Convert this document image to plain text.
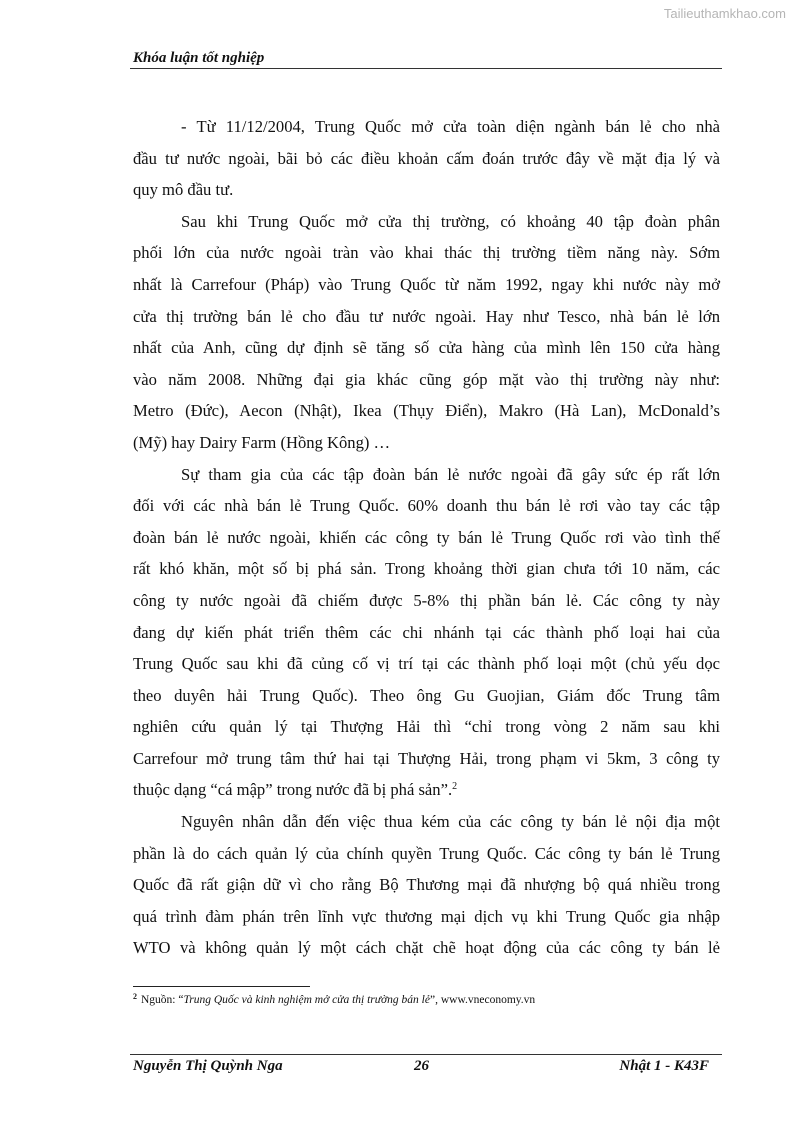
Tailieuthamkhao.com
Khóa luận tốt nghiệp
- Từ 11/12/2004, Trung Quốc mở cửa toàn diện ngành bán lẻ cho nhà
đầu tư nước ngoài, bãi bỏ các điều khoản cấm đoán trước đây về mặt địa lý và
quy mô đầu tư.
Sau khi Trung Quốc mở cửa thị trường, có khoảng 40 tập đoàn phân
phối lớn của nước ngoài tràn vào khai thác thị trường tiềm năng này. Sớm
nhất là Carrefour (Pháp) vào Trung Quốc từ năm 1992, ngay khi nước này mở
cửa thị trường bán lẻ cho đầu tư nước ngoài. Hay như Tesco, nhà bán lẻ lớn
nhất của Anh, cũng dự định sẽ tăng số cửa hàng của mình lên 150 cửa hàng
vào năm 2008. Những đại gia khác cũng góp mặt vào thị trường này như:
Metro (Đức), Aecon (Nhật), Ikea (Thụy Điển), Makro (Hà Lan), McDonald’s
(Mỹ) hay Dairy Farm (Hồng Kông) …
Sự tham gia của các tập đoàn bán lẻ nước ngoài đã gây sức ép rất lớn
đối với các nhà bán lẻ Trung Quốc. 60% doanh thu bán lẻ rơi vào tay các tập
đoàn bán lẻ nước ngoài, khiến các công ty bán lẻ Trung Quốc rơi vào tình thế
rất khó khăn, một số bị phá sản. Trong khoảng thời gian chưa tới 10 năm, các
công ty nước ngoài đã chiếm được 5-8% thị phần bán lẻ. Các công ty này
đang dự kiến phát triển thêm các chi nhánh tại các thành phố loại hai của
Trung Quốc sau khi đã củng cố vị trí tại các thành phố loại một (chủ yếu dọc
theo duyên hải Trung Quốc). Theo ông Gu Guojian, Giám đốc Trung tâm
nghiên cứu quản lý tại Thượng Hải thì “chỉ trong vòng 2 năm sau khi
Carrefour mở trung tâm thứ hai tại Thượng Hải, trong phạm vi 5km, 3 công ty
thuộc dạng “cá mập” trong nước đã bị phá sản”.$^2$
Nguyên nhân dẫn đến việc thua kém của các công ty bán lẻ nội địa một
phần là do cách quản lý của chính quyền Trung Quốc. Các công ty bán lẻ Trung
Quốc đã rất giận dữ vì cho rằng Bộ Thương mại đã nhượng bộ quá nhiều trong
quá trình đàm phán trên lĩnh vực thương mại dịch vụ khi Trung Quốc gia nhập
WTO và không quản lý một cách chặt chẽ hoạt động của các công ty bán lẻ
$^2$ Nguồn: “Trung Quốc và kinh nghiệm mở cửa thị trường bán lẻ”, www.vneconomy.vn
Nguyễn Thị Quỳnh Nga	26	Nhật 1 - K43F
